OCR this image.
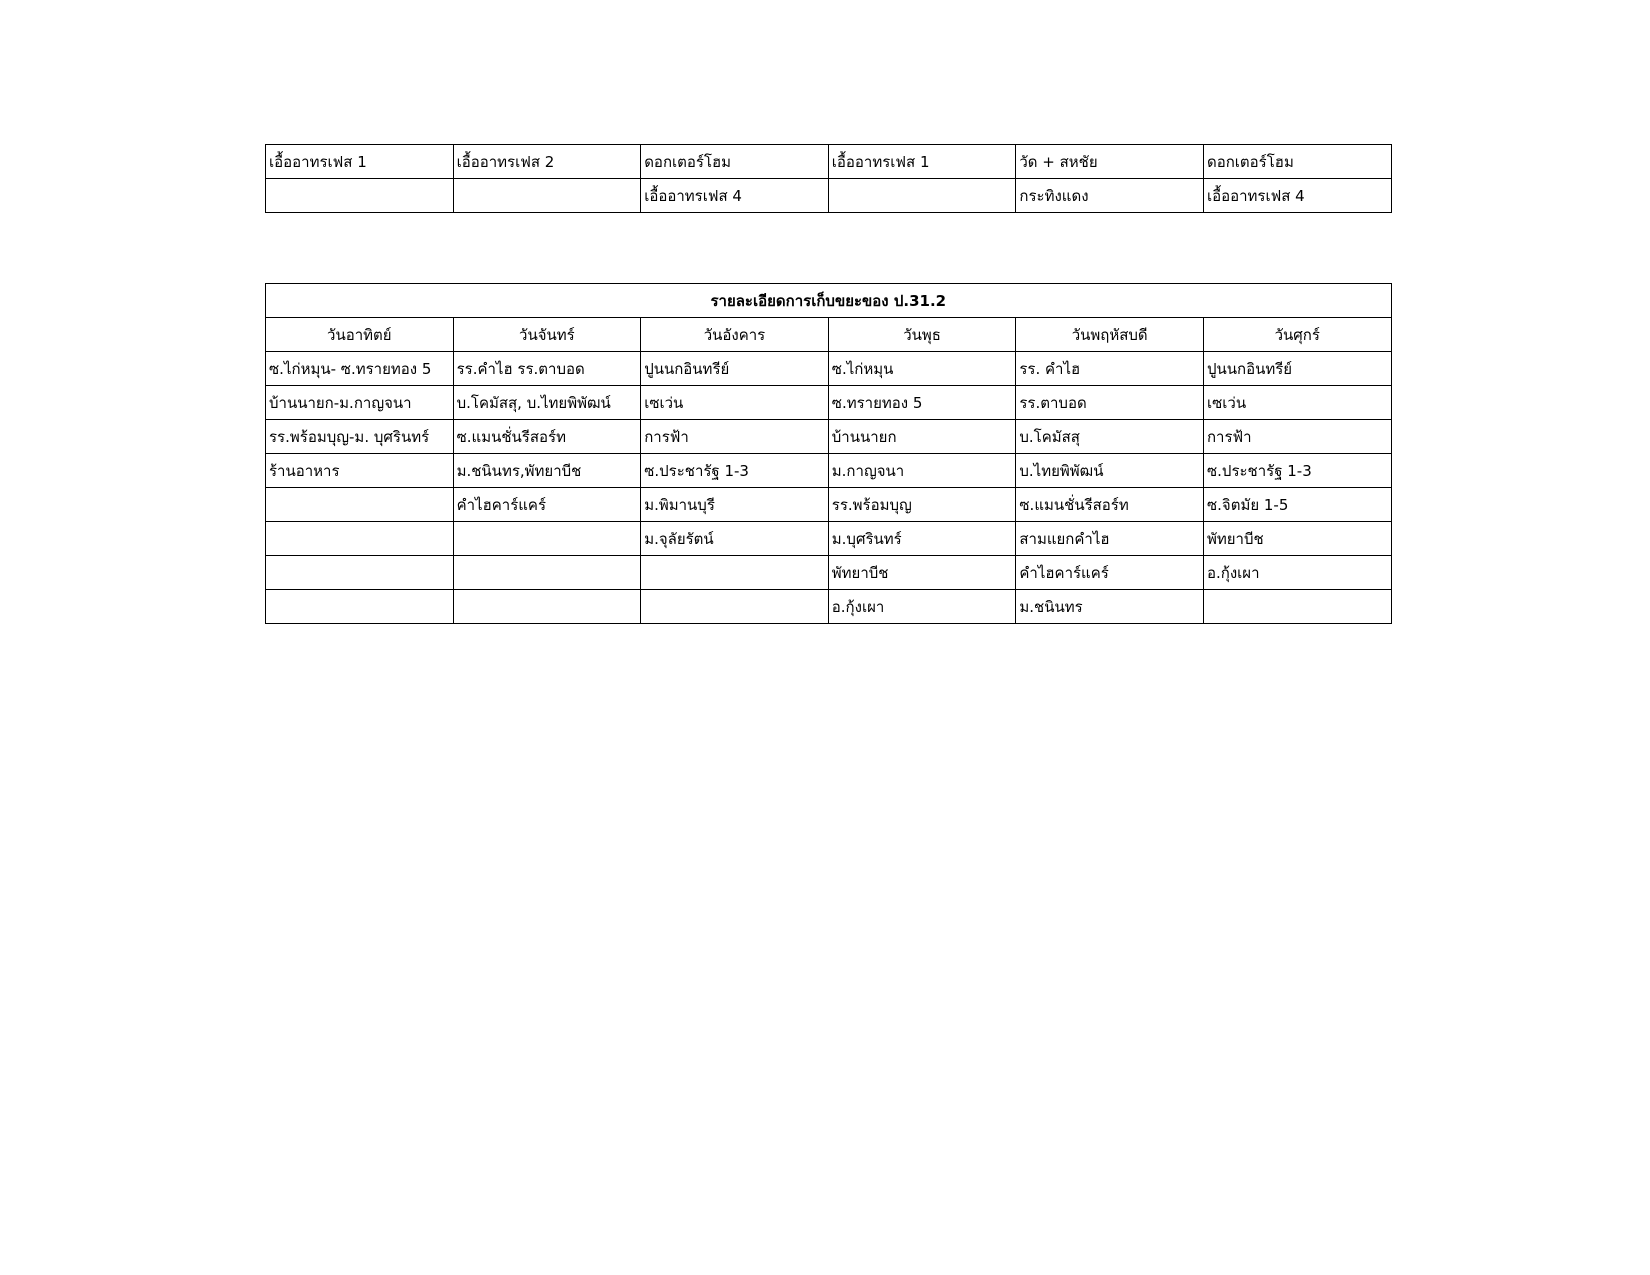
เอื้ออาทรเฟส 1	เอื้ออาทรเฟส 2	ดอกเตอร์โฮม	เอื้ออาทรเฟส 1	วัด + สหชัย	ดอกเตอร์โฮม
		เอื้ออาทรเฟส 4		กระทิงแดง	เอื้ออาทรเฟส 4
รายละเอียดการเก็บขยะของ ป.31.2					
วันอาทิตย์	วันจันทร์	วันอังคาร	วันพุธ	วันพฤหัสบดี	วันศุกร์
ซ.ไก่หมุน- ซ.ทรายทอง 5	รร.คำไฮ รร.ตาบอด	ปูนนกอินทรีย์	ซ.ไก่หมุน	รร. คำไฮ	ปูนนกอินทรีย์
บ้านนายก-ม.กาญจนา	บ.โคมัสสุ, บ.ไทยพิพัฒน์	เซเว่น	ซ.ทรายทอง 5	รร.ตาบอด	เซเว่น
รร.พร้อมบุญ-ม. บุศรินทร์	ซ.แมนชั่นรีสอร์ท	การฟ้า	บ้านนายก	บ.โคมัสสุ	การฟ้า
ร้านอาหาร	ม.ชนินทร,พัทยาบีช	ซ.ประชารัฐ 1-3	ม.กาญจนา	บ.ไทยพิพัฒน์	ซ.ประชารัฐ 1-3
	คำไฮคาร์แคร์	ม.พิมานบุรี	รร.พร้อมบุญ	ซ.แมนชั่นรีสอร์ท	ซ.จิตมัย 1-5
		ม.จุลัยรัตน์	ม.บุศรินทร์	สามแยกคำไฮ	พัทยาบีช
			พัทยาบีช	คำไฮคาร์แคร์	อ.กุ้งเผา
			อ.กุ้งเผา	ม.ชนินทร	
